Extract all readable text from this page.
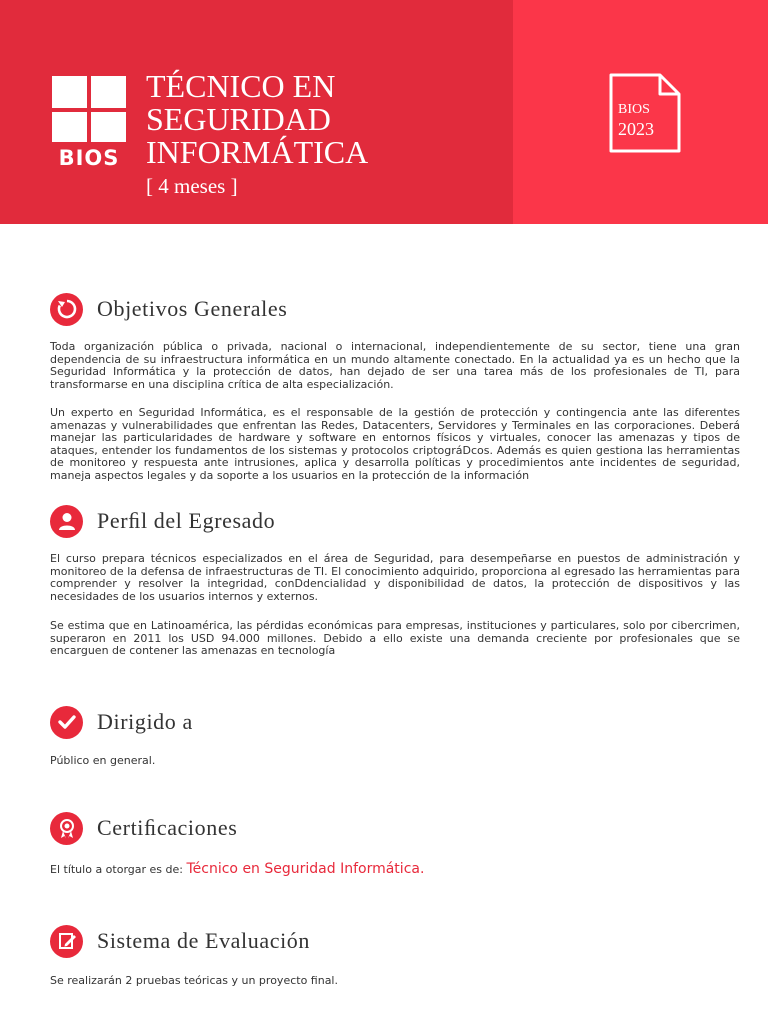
BIOS
TÉCNICO EN
SEGURIDAD
INFORMÁTICA
[ 4 meses ]
BIOS
2023
Objetivos Generales

Toda organización pública o privada, nacional o internacional, independientemente de su sector, tiene una gran dependencia de su infraestructura informática en un mundo altamente conectado. En la actualidad ya es un hecho que la Seguridad Informática y la protección de datos, han dejado de ser una tarea más de los profesionales de TI, para transformarse en una disciplina crítica de alta especialización.

Un experto en Seguridad Informática, es el responsable de la gestión de protección y contingencia ante las diferentes amenazas y vulnerabilidades que enfrentan las Redes, Datacenters, Servidores y Terminales en las corporaciones. Deberá manejar las particularidades de hardware y software en entornos físicos y virtuales, conocer las amenazas y tipos de ataques, entender los fundamentos de los sistemas y protocolos criptográDcos. Además es quien gestiona las herramientas de monitoreo y respuesta ante intrusiones, aplica y desarrolla políticas y procedimientos ante incidentes de seguridad, maneja aspectos legales y da soporte a los usuarios en la protección de la información

Perﬁl del Egresado

El curso prepara técnicos especializados en el área de Seguridad, para desempeñarse en puestos de administración y monitoreo de la defensa de infraestructuras de TI. El conocimiento adquirido, proporciona al egresado las herramientas para comprender y resolver la integridad, conDdencialidad y disponibilidad de datos, la protección de dispositivos y las necesidades de los usuarios internos y externos.

Se estima que en Latinoamérica, las pérdidas económicas para empresas, instituciones y particulares, solo por cibercrimen, superaron en 2011 los USD 94.000 millones. Debido a ello existe una demanda creciente por profesionales que se encarguen de contener las amenazas en tecnología

Dirigido a
Público en general.
Certiﬁcaciones
El título a otorgar es de: Técnico en Seguridad Informática.
Sistema de Evaluación
Se realizarán 2 pruebas teóricas y un proyecto final.
